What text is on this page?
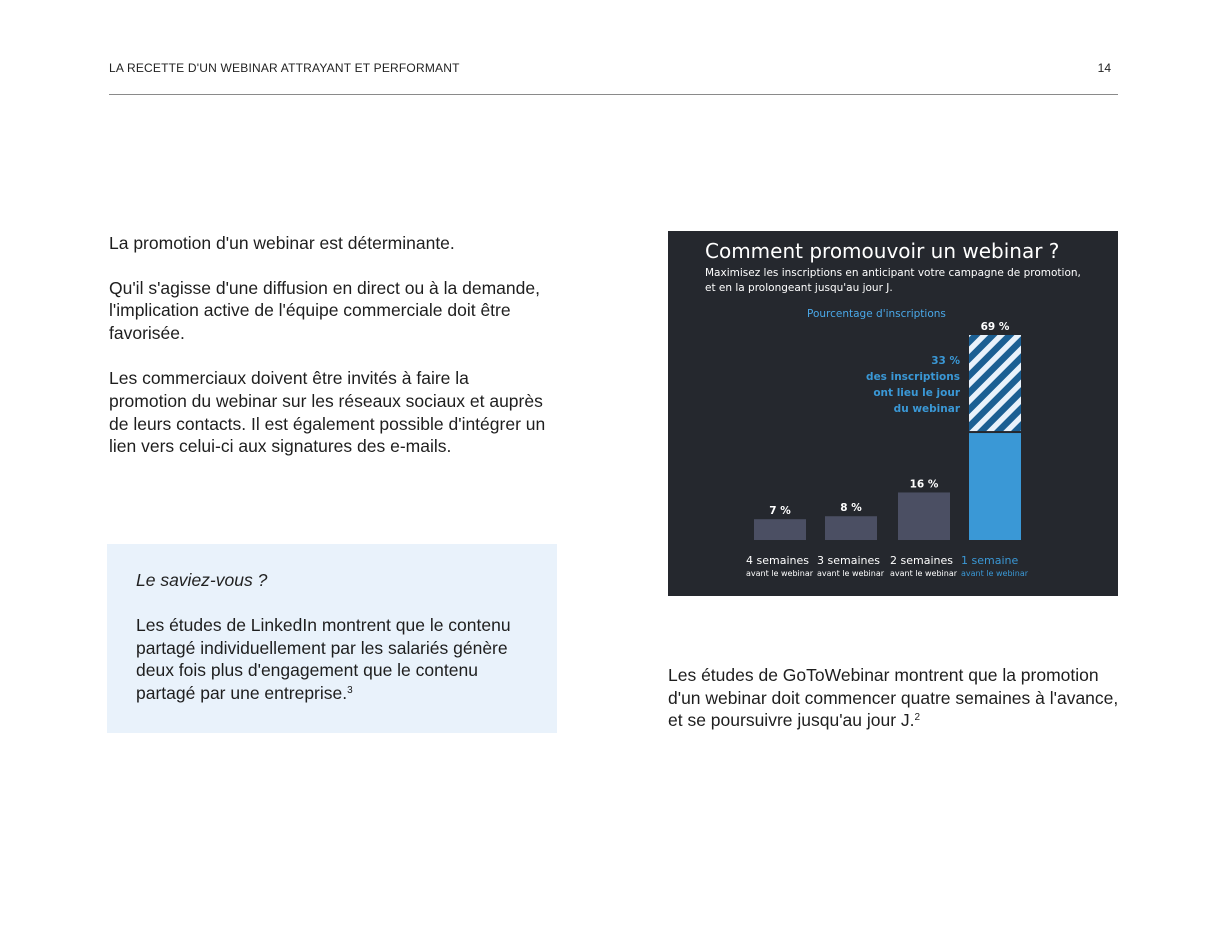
LA RECETTE D'UN WEBINAR ATTRAYANT ET PERFORMANT	14

La promotion d'un webinar est déterminante.

Qu'il s'agisse d'une diffusion en direct ou à la demande, l'implication active de l'équipe commerciale doit être favorisée.

Les commerciaux doivent être invités à faire la promotion du webinar sur les réseaux sociaux et auprès de leurs contacts. Il est également possible d'intégrer un lien vers celui-ci aux signatures des e-mails.

Le saviez-vous ?

Les études de LinkedIn montrent que le contenu partagé individuellement par les salariés génère deux fois plus d'engagement que le contenu partagé par une entreprise.$^3$

Comment promouvoir un webinar ?
Maximisez les inscriptions en anticipant votre campagne de promotion,
et en la prolongeant jusqu'au jour J.
Pourcentage d'inscriptions
7 %
4 semaines
avant le webinar
8 %
3 semaines
avant le webinar
16 %
2 semaines
avant le webinar
69 %
1 semaine
avant le webinar
33 %
des inscriptions
ont lieu le jour
du webinar

Les études de GoToWebinar montrent que la promotion d'un webinar doit commencer quatre semaines à l'avance, et se poursuivre jusqu'au jour J.$^2$
